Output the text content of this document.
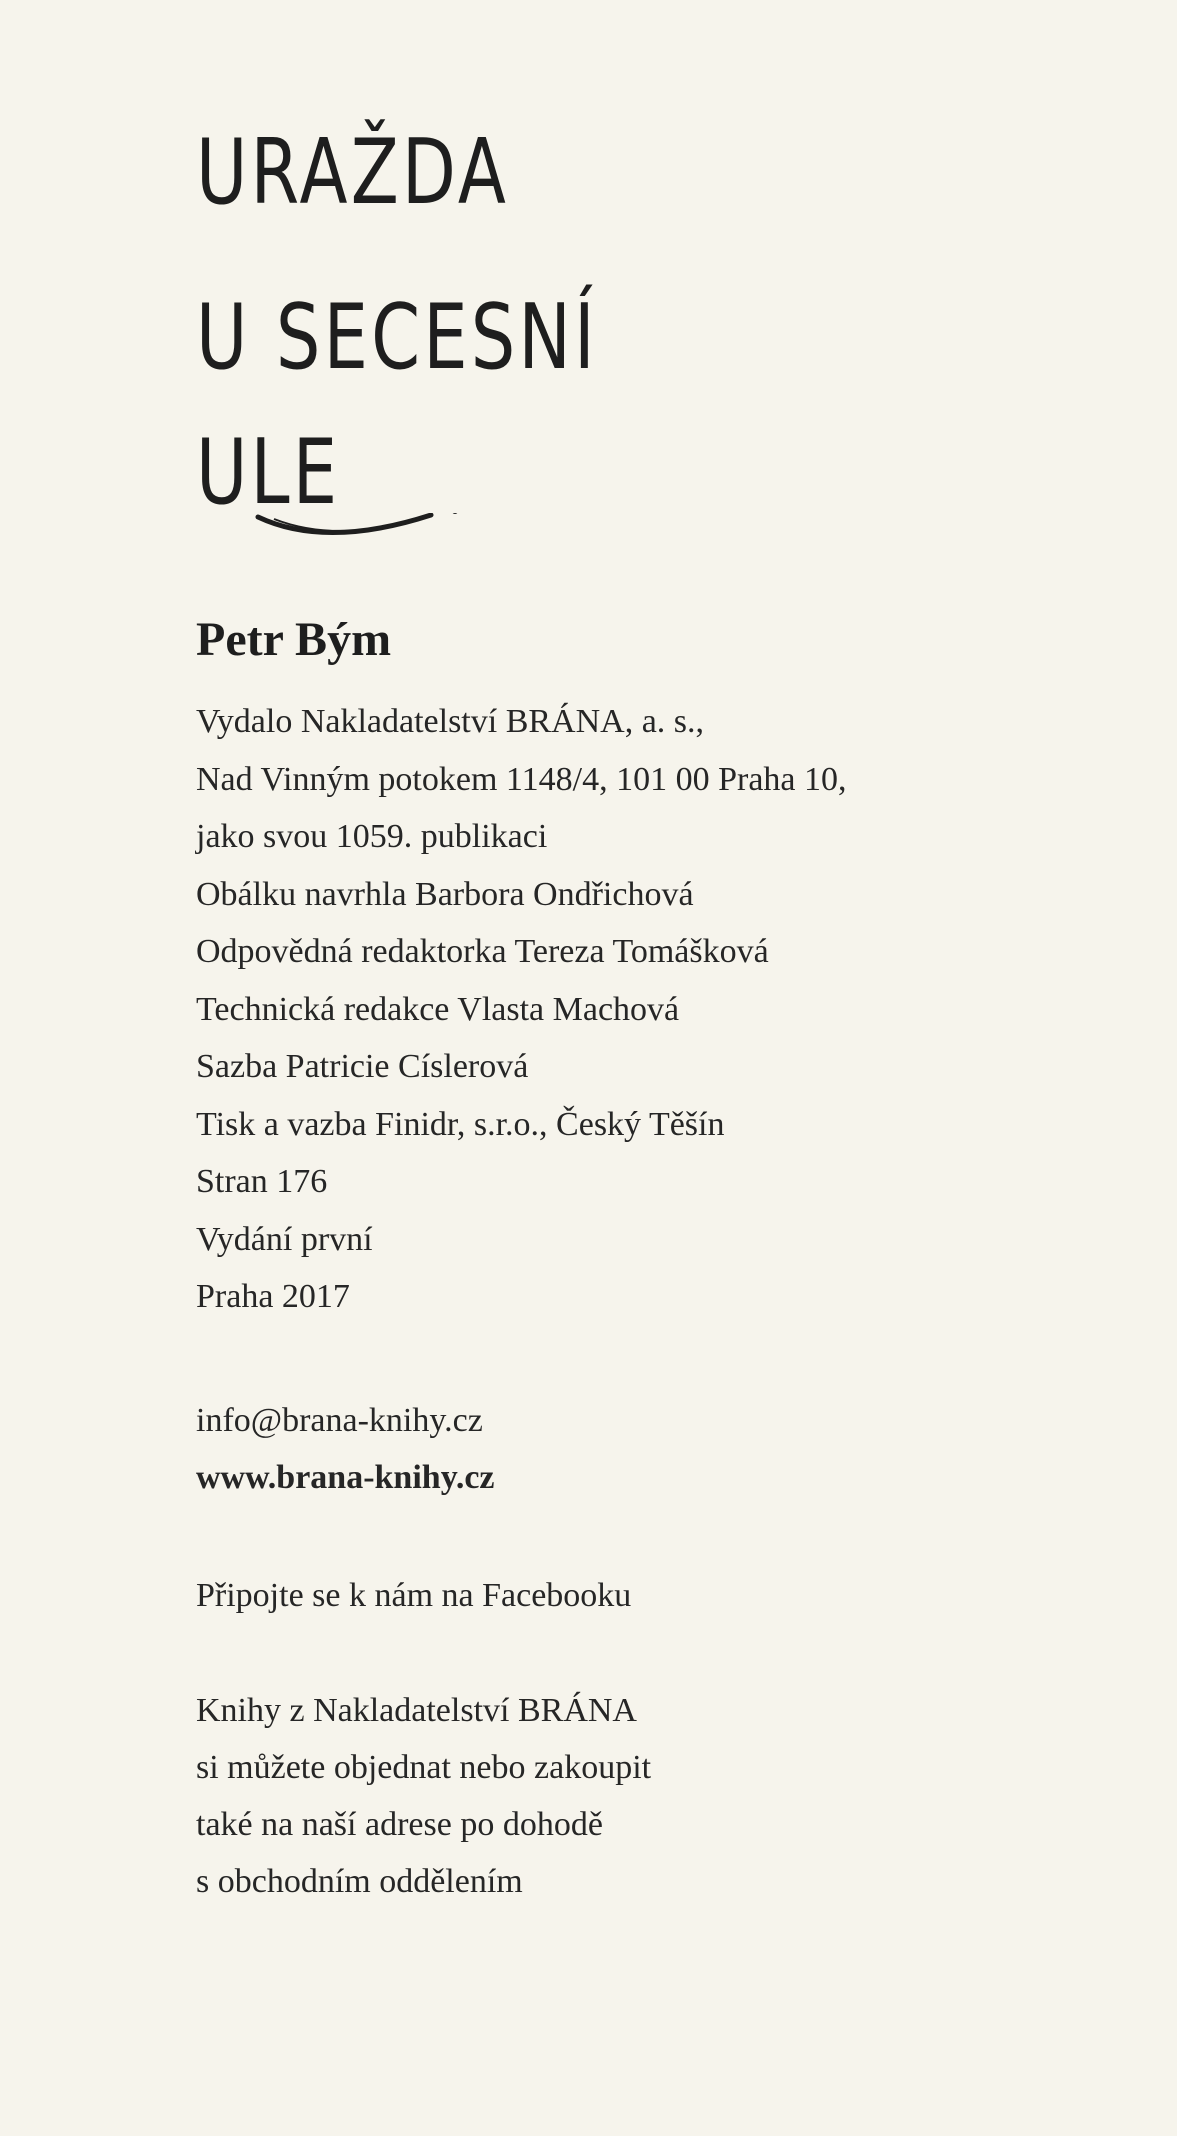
URAŽDA
U SECESNÍ
ULE
Petr Bým
Vydalo Nakladatelství BRÁNA, a. s.,
Nad Vinným potokem 1148/4, 101 00 Praha 10,
jako svou 1059. publikaci
Obálku navrhla Barbora Ondřichová
Odpovědná redaktorka Tereza Tomášková
Technická redakce Vlasta Machová
Sazba Patricie Císlerová
Tisk a vazba Finidr, s.r.o., Český Těšín
Stran 176
Vydání první
Praha 2017
info@brana-knihy.cz
www.brana-knihy.cz
Připojte se k nám na Facebooku
Knihy z Nakladatelství BRÁNA
si můžete objednat nebo zakoupit
také na naší adrese po dohodě
s obchodním oddělením
